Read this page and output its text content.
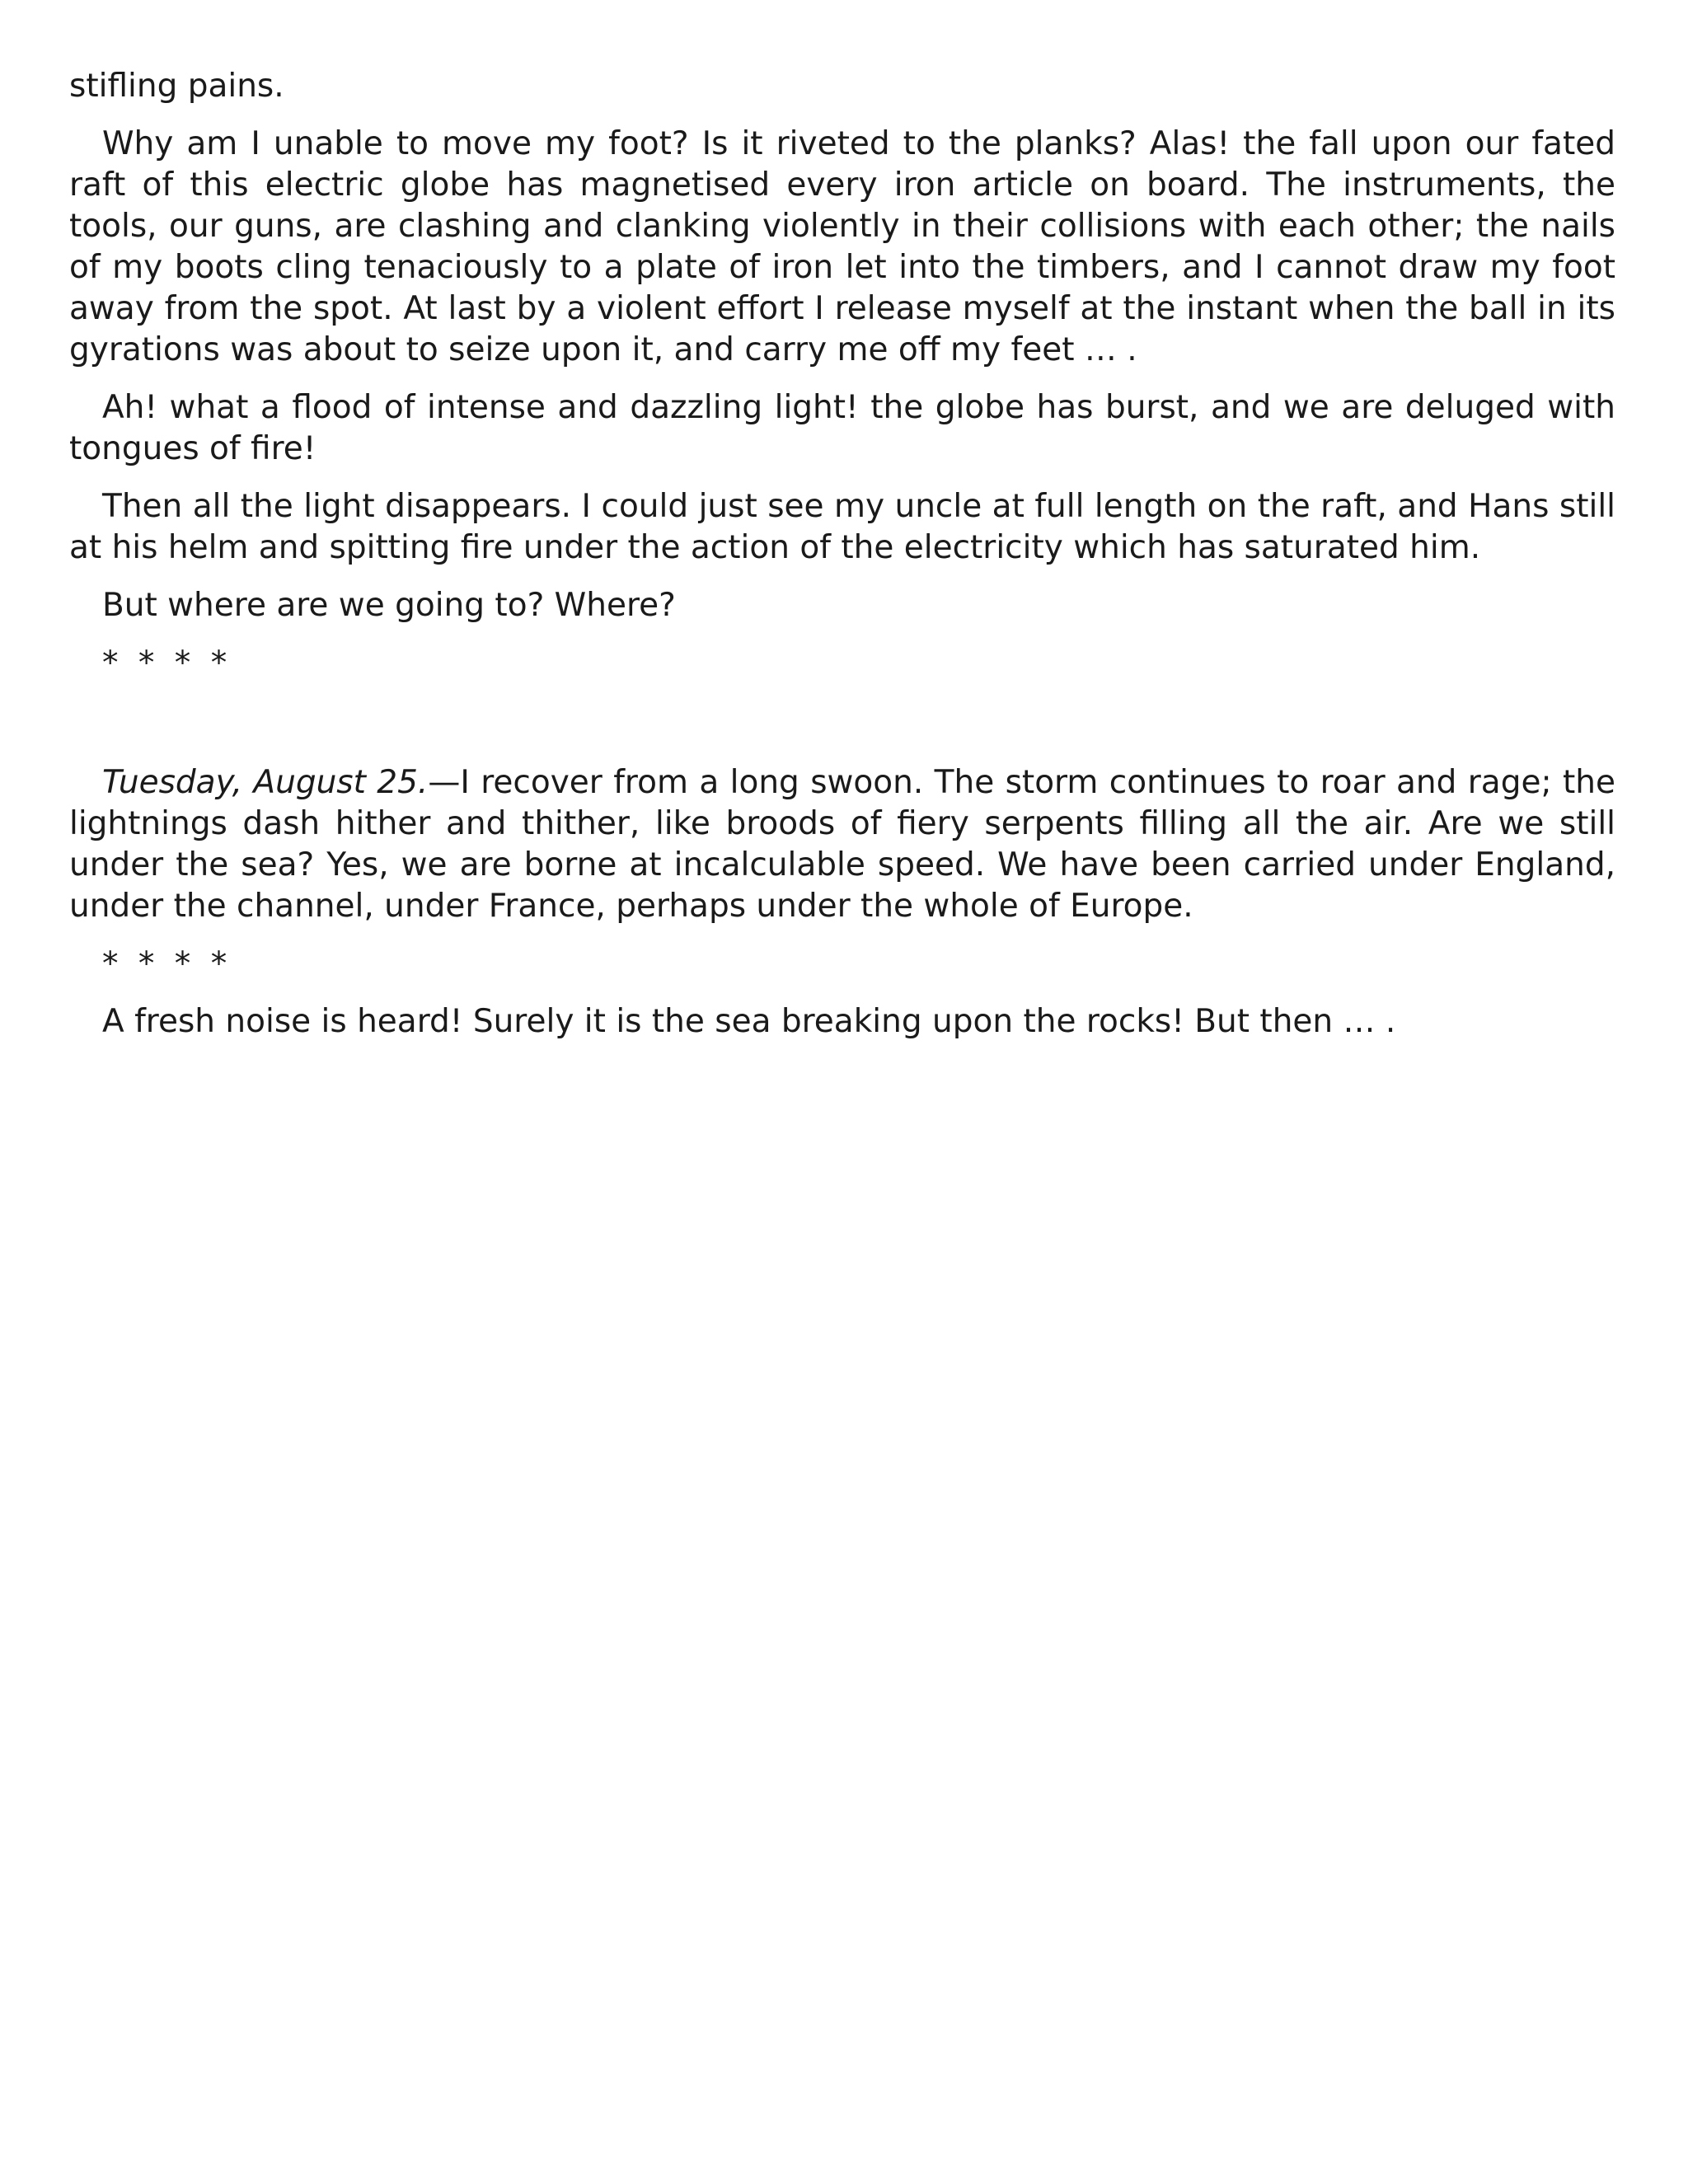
stifling pains.

Why am I unable to move my foot? Is it riveted to the planks? Alas! the fall upon our fated raft of this electric globe has magnetised every iron article on board. The instruments, the tools, our guns, are clashing and clanking violently in their collisions with each other; the nails of my boots cling tenaciously to a plate of iron let into the timbers, and I cannot draw my foot away from the spot. At last by a violent effort I release myself at the instant when the ball in its gyrations was about to seize upon it, and carry me off my feet … .

Ah! what a flood of intense and dazzling light! the globe has burst, and we are deluged with tongues of fire!

Then all the light disappears. I could just see my uncle at full length on the raft, and Hans still at his helm and spitting fire under the action of the electricity which has saturated him.

But where are we going to? Where?

* * * *

Tuesday, August 25.—I recover from a long swoon. The storm continues to roar and rage; the lightnings dash hither and thither, like broods of fiery serpents filling all the air. Are we still under the sea? Yes, we are borne at incalculable speed. We have been carried under England, under the channel, under France, perhaps under the whole of Europe.

* * * *

A fresh noise is heard! Surely it is the sea breaking upon the rocks! But then … .
